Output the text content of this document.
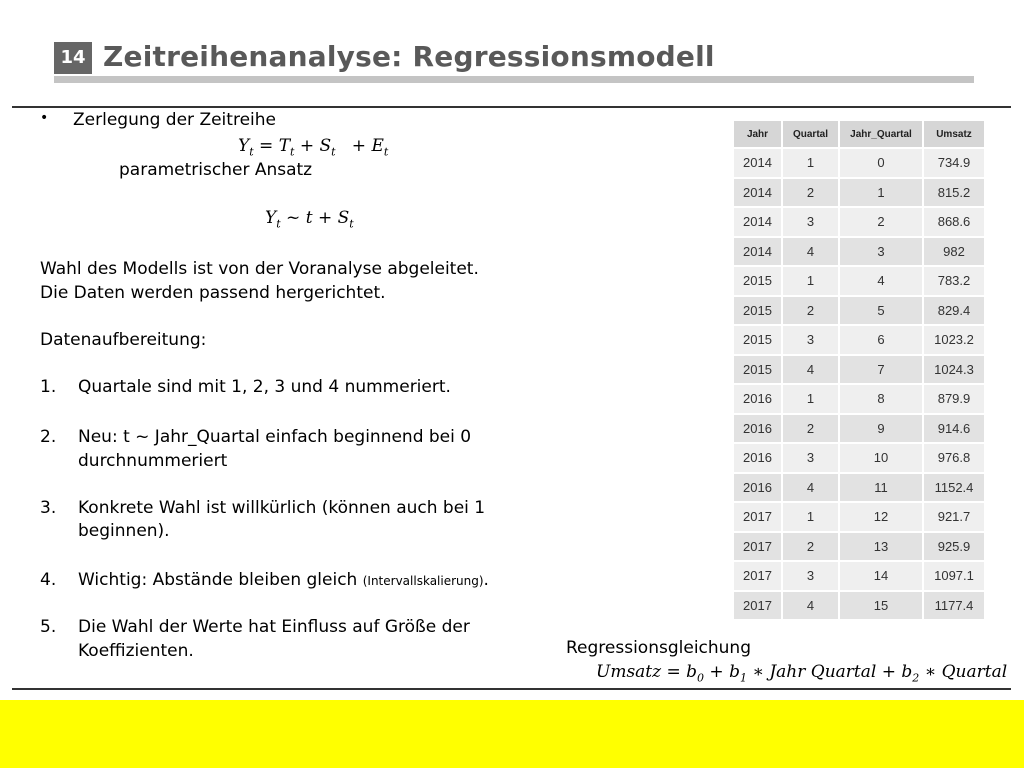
14 Zeitreihenanalyse: Regressionsmodell
• Zerlegung der Zeitreihe
$Y_t = T_t + S_t + E_t$
parametrischer Ansatz
$Y_t$ ~ $t + S_t$
Wahl des Modells ist von der Voranalyse abgeleitet.
Die Daten werden passend hergerichtet.
Datenaufbereitung:
1. Quartale sind mit 1, 2, 3 und 4 nummeriert.
2. Neu: t ~ Jahr_Quartal einfach beginnend bei 0
durchnummeriert
3. Konkrete Wahl ist willkürlich (können auch bei 1
beginnen).
4. Wichtig: Abstände bleiben gleich (Intervallskalierung).
5. Die Wahl der Werte hat Einfluss auf Größe der
Koeffizienten.
Jahr	Quartal	Jahr_Quartal	Umsatz
2014	1	0	734.9
2014	2	1	815.2
2014	3	2	868.6
2014	4	3	982
2015	1	4	783.2
2015	2	5	829.4
2015	3	6	1023.2
2015	4	7	1024.3
2016	1	8	879.9
2016	2	9	914.6
2016	3	10	976.8
2016	4	11	1152.4
2017	1	12	921.7
2017	2	13	925.9
2017	3	14	1097.1
2017	4	15	1177.4
Regressionsgleichung
Umsatz = $b_0 + b_1$ ∗ Jahr Quartal + $b_2$ ∗ Quartal
